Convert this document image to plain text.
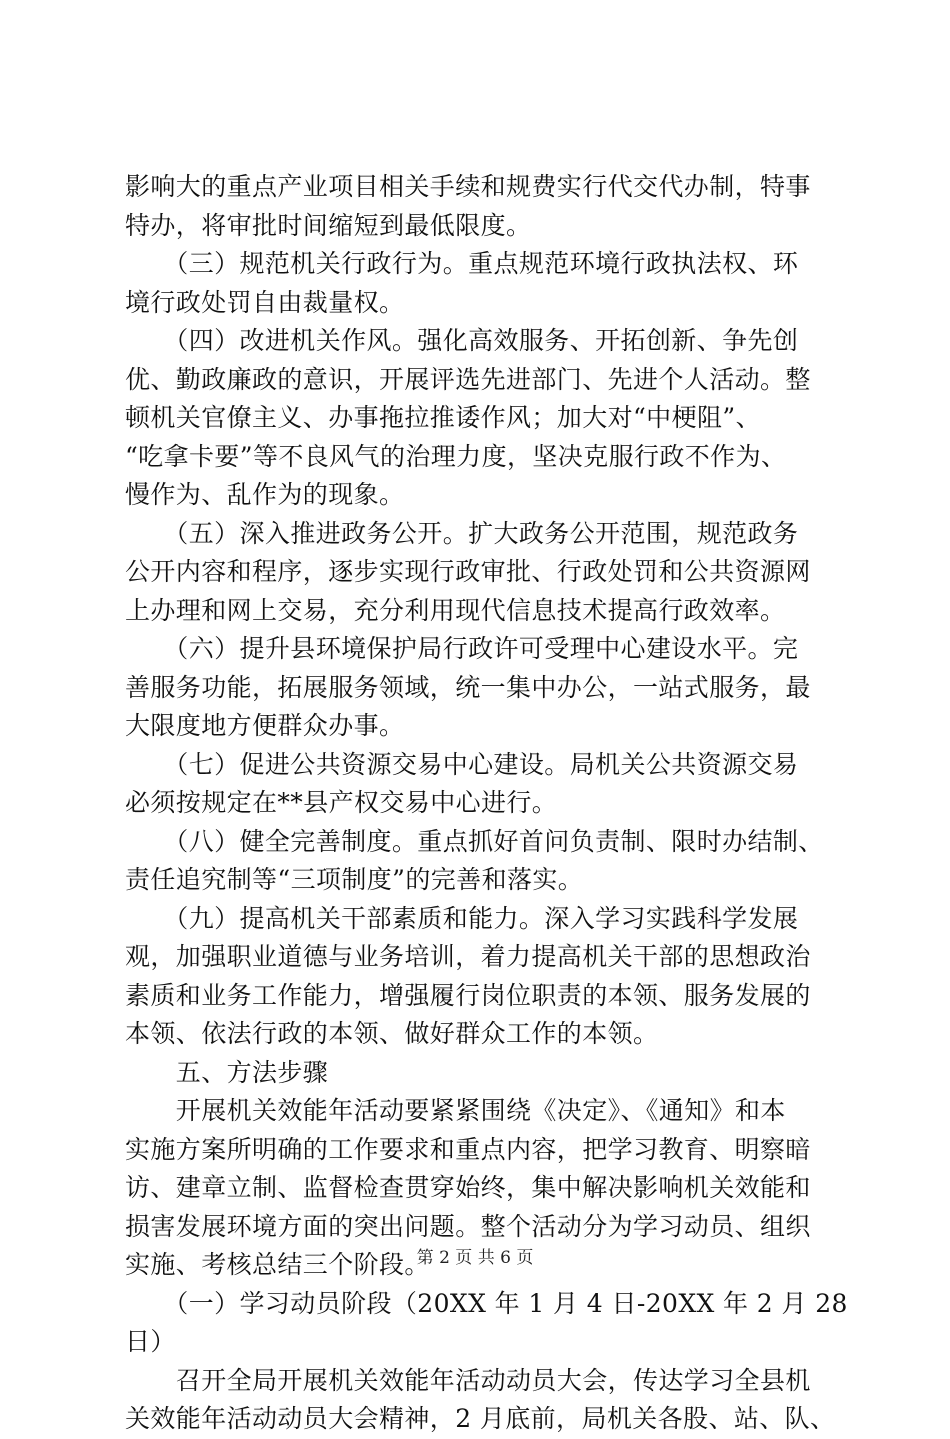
影响大的重点产业项目相关手续和规费实行代交代办制，特事
特办，将审批时间缩短到最低限度。
　　（三）规范机关行政行为。重点规范环境行政执法权、环
境行政处罚自由裁量权。
　　（四）改进机关作风。强化高效服务、开拓创新、争先创
优、勤政廉政的意识，开展评选先进部门、先进个人活动。整
顿机关官僚主义、办事拖拉推诿作风；加大对“中梗阻”、
“吃拿卡要”等不良风气的治理力度，坚决克服行政不作为、
慢作为、乱作为的现象。
　　（五）深入推进政务公开。扩大政务公开范围，规范政务
公开内容和程序，逐步实现行政审批、行政处罚和公共资源网
上办理和网上交易，充分利用现代信息技术提高行政效率。
　　（六）提升县环境保护局行政许可受理中心建设水平。完
善服务功能，拓展服务领域，统一集中办公，一站式服务，最
大限度地方便群众办事。
　　（七）促进公共资源交易中心建设。局机关公共资源交易
必须按规定在**县产权交易中心进行。
　　（八）健全完善制度。重点抓好首问负责制、限时办结制、
责任追究制等“三项制度”的完善和落实。
　　（九）提高机关干部素质和能力。深入学习实践科学发展
观，加强职业道德与业务培训，着力提高机关干部的思想政治
素质和业务工作能力，增强履行岗位职责的本领、服务发展的
本领、依法行政的本领、做好群众工作的本领。
　　五、方法步骤
　　开展机关效能年活动要紧紧围绕《决定》、《通知》和本
实施方案所明确的工作要求和重点内容，把学习教育、明察暗
访、建章立制、监督检查贯穿始终，集中解决影响机关效能和
损害发展环境方面的突出问题。整个活动分为学习动员、组织
实施、考核总结三个阶段。
　　（一）学习动员阶段（20XX 年 1 月 4 日-20XX 年 2 月 28
日）
　　召开全局开展机关效能年活动动员大会，传达学习全县机
关效能年活动动员大会精神，2 月底前，局机关各股、站、队、
第 2 页 共 6 页
